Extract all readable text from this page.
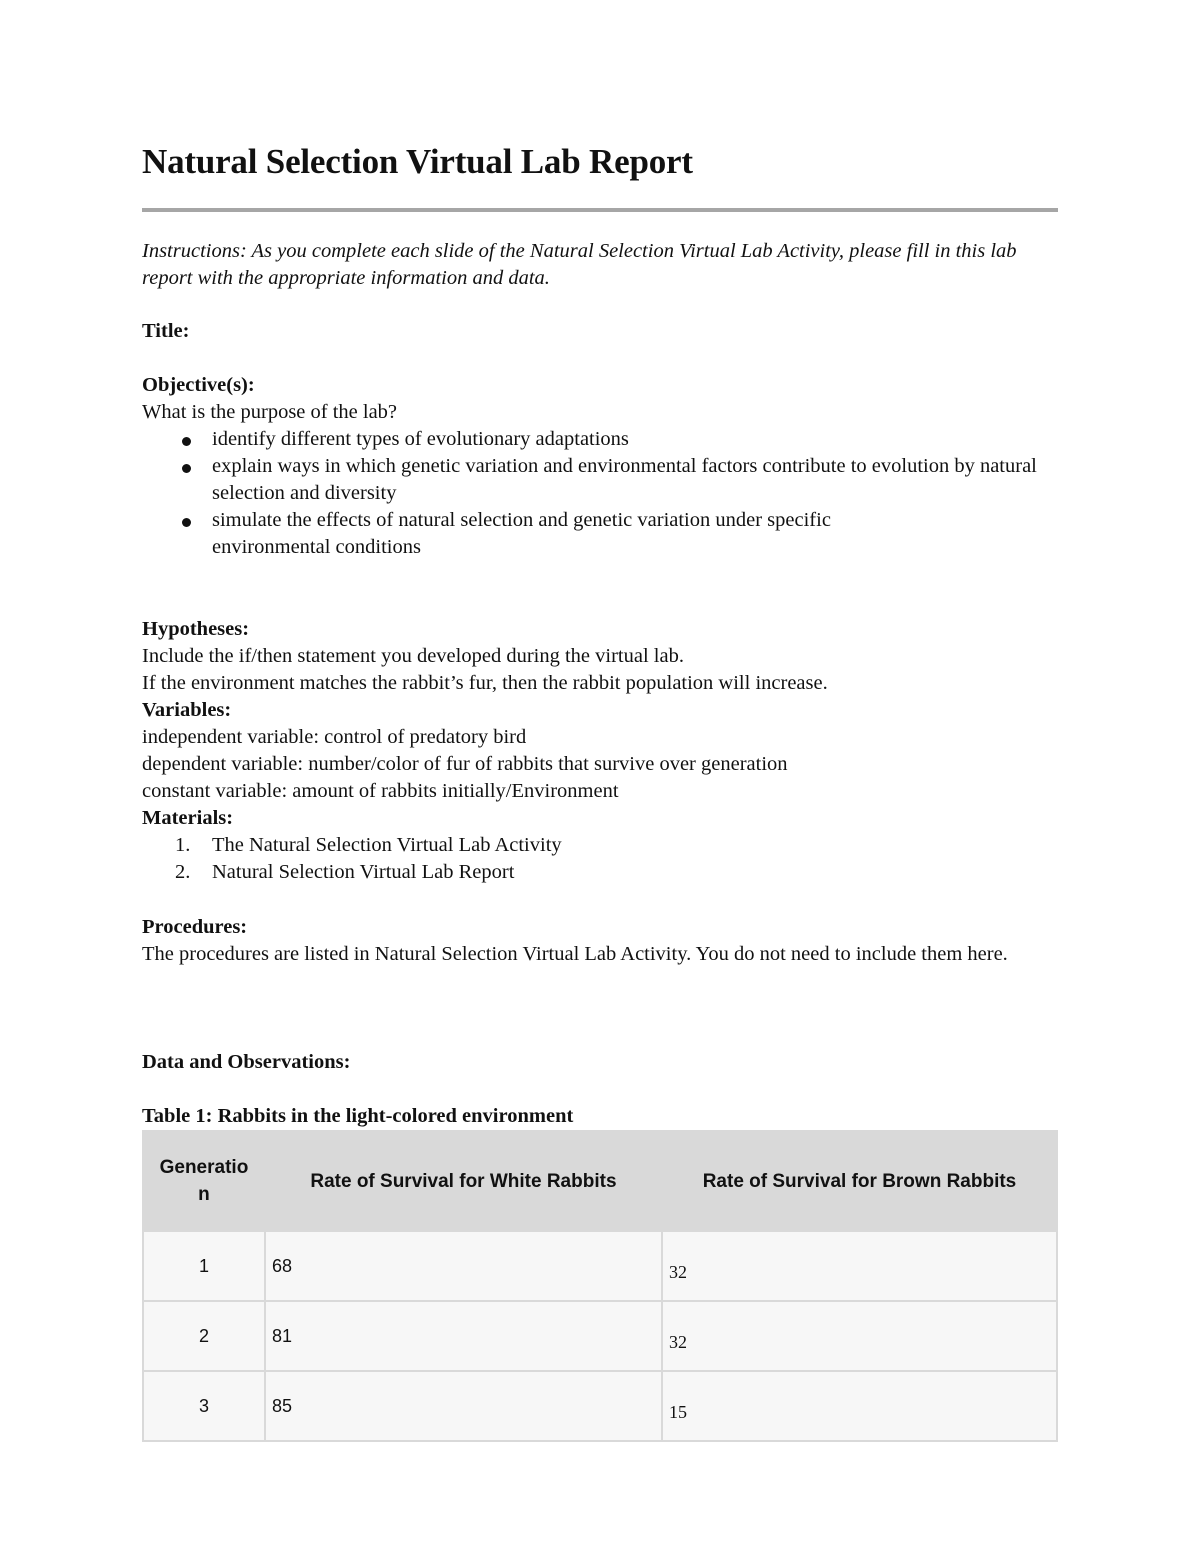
Natural Selection Virtual Lab Report
Instructions: As you complete each slide of the Natural Selection Virtual Lab Activity, please fill in this lab report with the appropriate information and data.
Title:
Objective(s):
What is the purpose of the lab?
identify different types of evolutionary adaptations
explain ways in which genetic variation and environmental factors contribute to evolution by natural selection and diversity
simulate the effects of natural selection and genetic variation under specific environmental conditions
Hypotheses:
Include the if/then statement you developed during the virtual lab.
If the environment matches the rabbit’s fur, then the rabbit population will increase.
Variables:
independent variable: control of predatory bird
dependent variable: number/color of fur of rabbits that survive over generation
constant variable: amount of rabbits initially/Environment
Materials:
1. The Natural Selection Virtual Lab Activity
2. Natural Selection Virtual Lab Report
Procedures:
The procedures are listed in Natural Selection Virtual Lab Activity. You do not need to include them here.
Data and Observations:
Table 1: Rabbits in the light-colored environment
Generation	Rate of Survival for White Rabbits	Rate of Survival for Brown Rabbits
1	68	32
2	81	32
3	85	15
